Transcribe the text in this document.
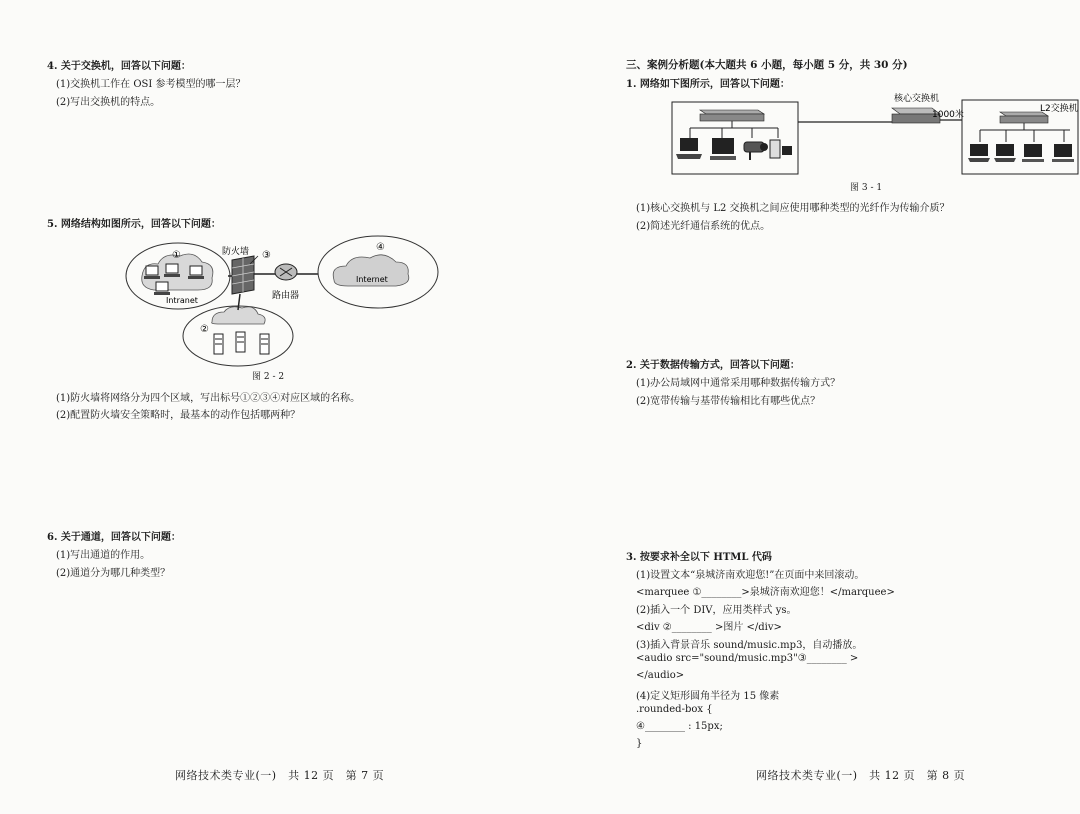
4. 关于交换机，回答以下问题：
(1)交换机工作在 OSI 参考模型的哪一层？
(2)写出交换机的特点。
5. 网络结构如图所示，回答以下问题：
①
Intranet
②
防火墙 ③
路由器
④
Internet
图 2 - 2
(1)防火墙将网络分为四个区域，写出标号①②③④对应区域的名称。
(2)配置防火墙安全策略时，最基本的动作包括哪两种？
6. 关于通道，回答以下问题：
(1)写出通道的作用。
(2)通道分为哪几种类型？
网络技术类专业(一)　共 12 页　第 7 页
三、案例分析题(本大题共 6 小题，每小题 5 分，共 30 分)
1. 网络如下图所示，回答以下问题：
核心交换机
1000米
L2交换机
图 3 - 1
(1)核心交换机与 L2 交换机之间应使用哪种类型的光纤作为传输介质？
(2)简述光纤通信系统的优点。
2. 关于数据传输方式，回答以下问题：
(1)办公局域网中通常采用哪种数据传输方式？
(2)宽带传输与基带传输相比有哪些优点？
3. 按要求补全以下 HTML 代码
(1)设置文本“泉城济南欢迎您!”在页面中来回滚动。
<marquee ①________>泉城济南欢迎您！</marquee>
(2)插入一个 DIV，应用类样式 ys。
<div ②________ >图片 </div>
(3)插入背景音乐 sound/music.mp3，自动播放。
<audio src="sound/music.mp3"③________ >
</audio>
(4)定义矩形圆角半径为 15 像素
.rounded-box {
④________ : 15px;
}
网络技术类专业(一)　共 12 页　第 8 页
